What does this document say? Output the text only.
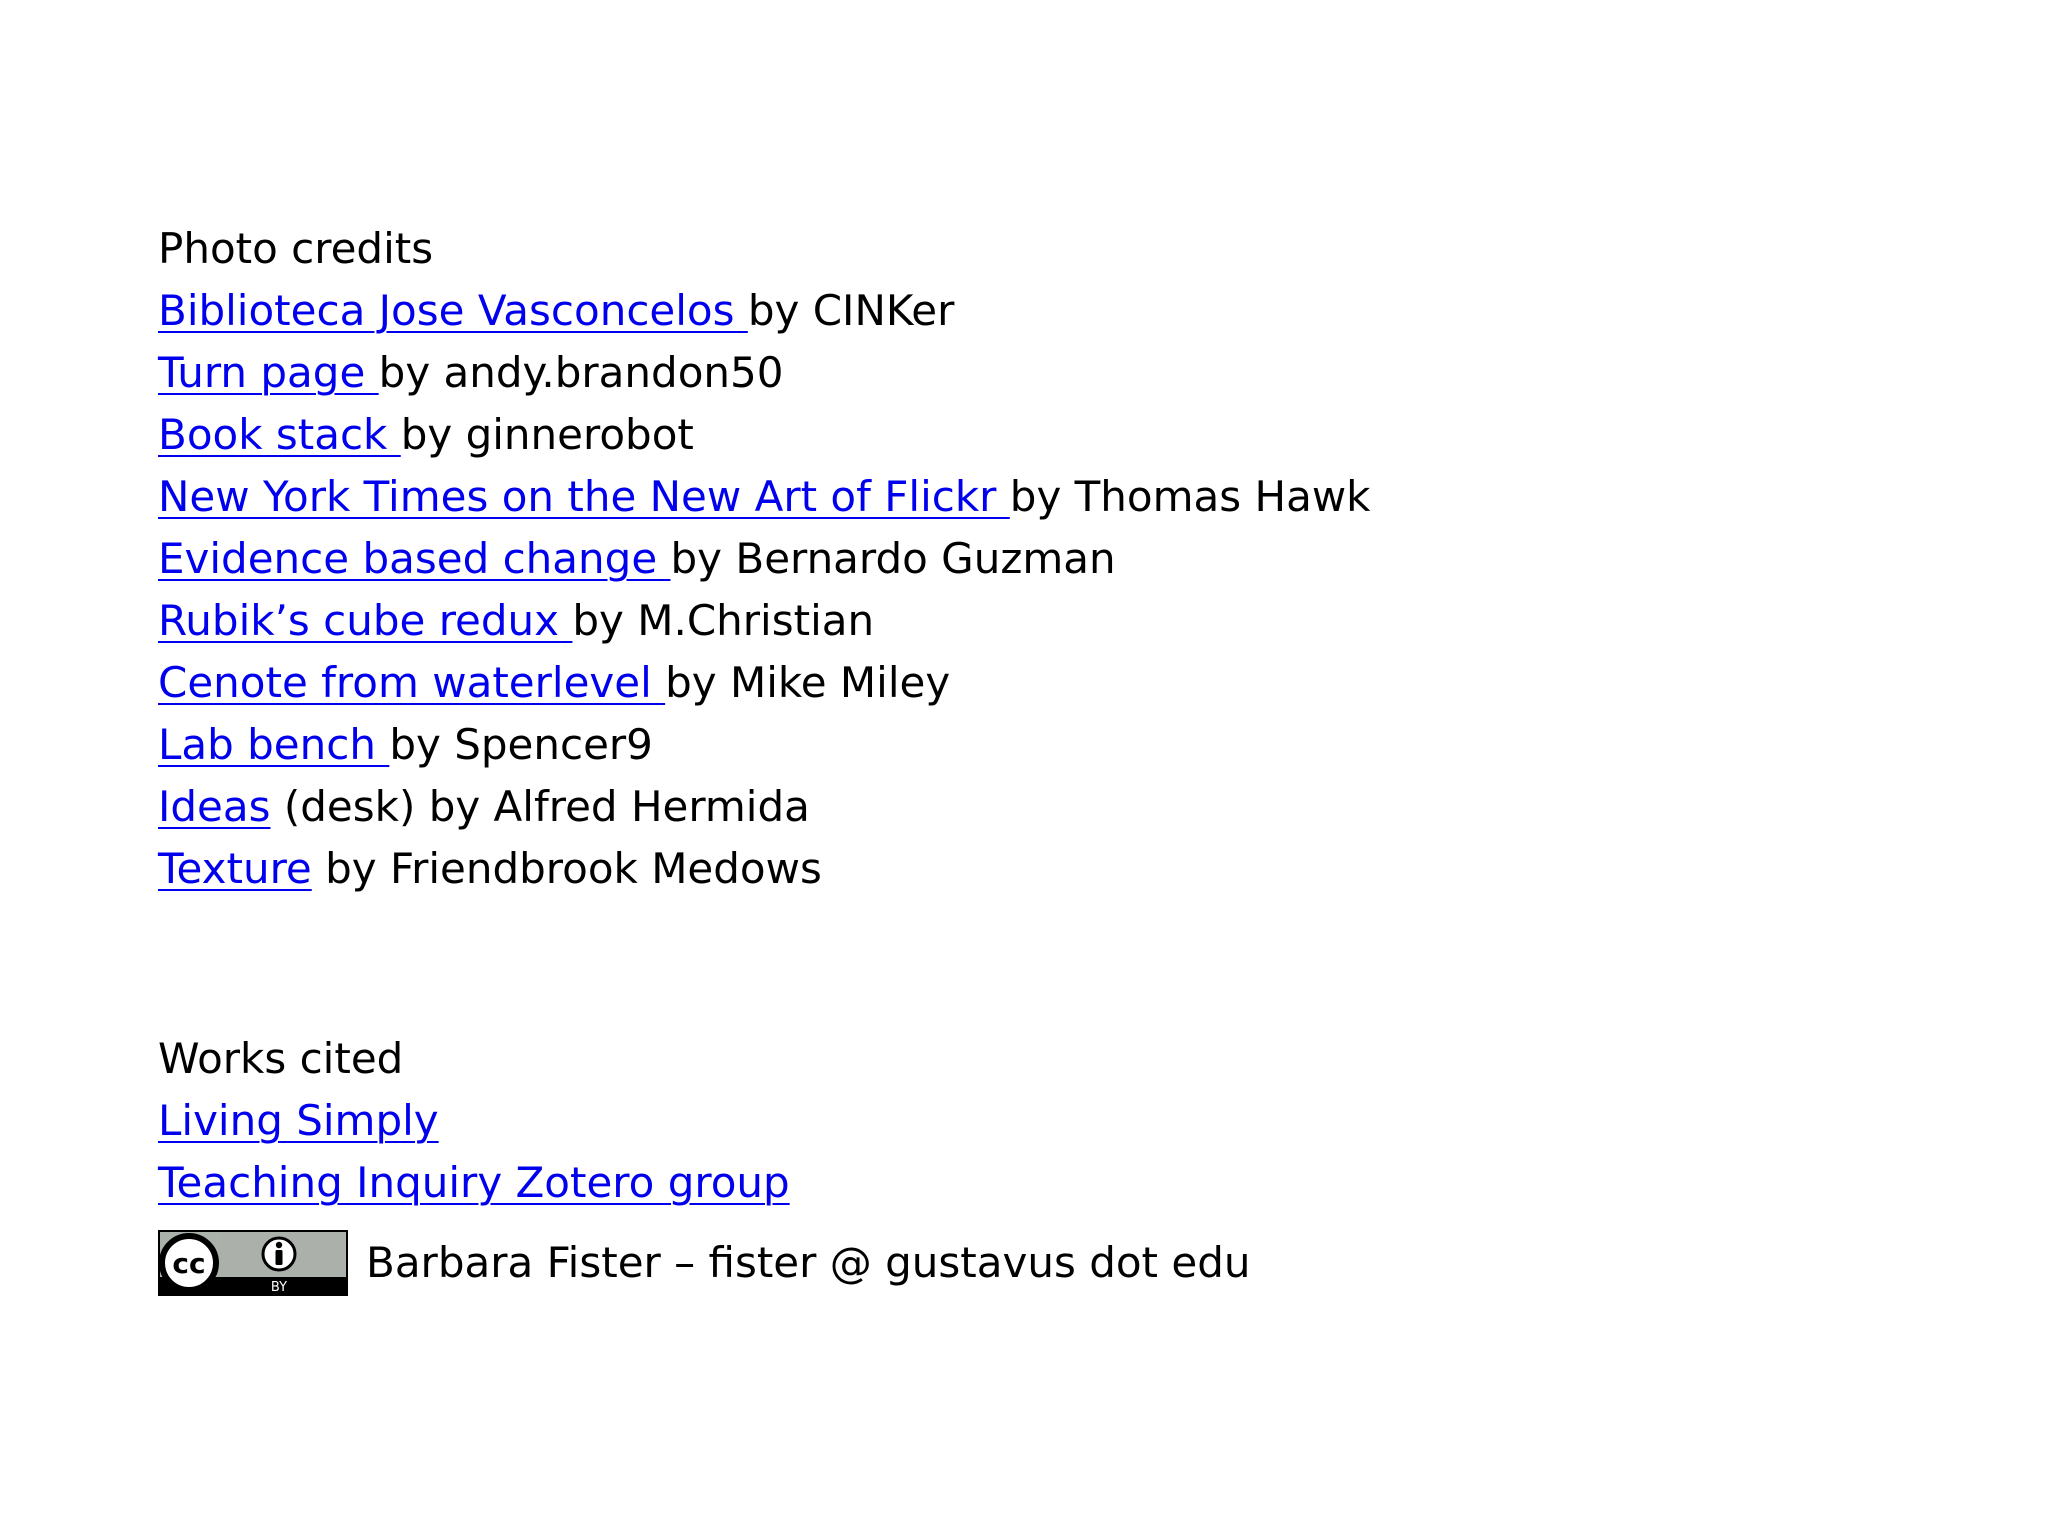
Photo credits
Biblioteca Jose Vasconcelos by CINKer
Turn page by andy.brandon50
Book stack by ginnerobot
New York Times on the New Art of Flickr by Thomas Hawk
Evidence based change by Bernardo Guzman
Rubik’s cube redux by M.Christian
Cenote from waterlevel by Mike Miley
Lab bench by Spencer9
Ideas (desk) by Alfred Hermida
Texture by Friendbrook Medows
Works cited
Living Simply
Teaching Inquiry Zotero group
cc
BY
Barbara Fister – fister @ gustavus dot edu
